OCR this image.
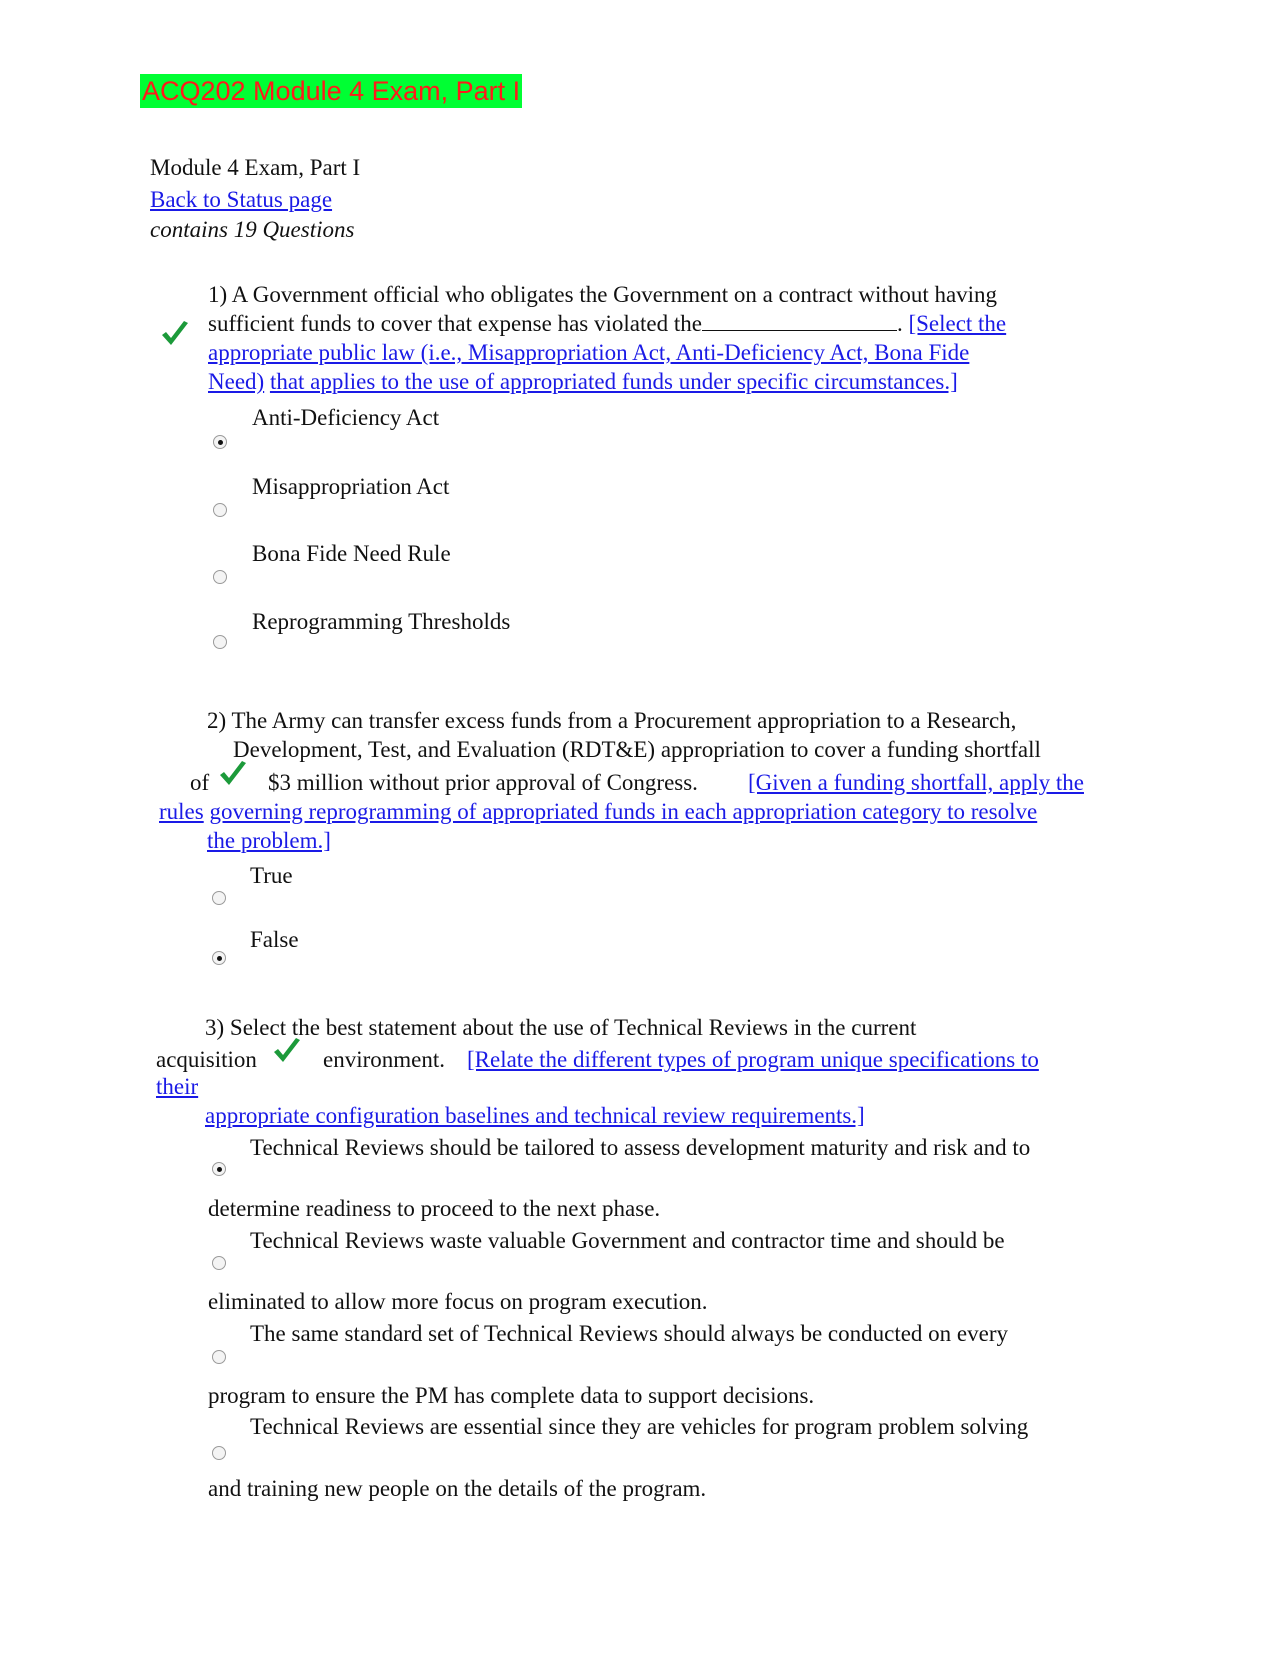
ACQ202 Module 4 Exam, Part I
Module 4 Exam, Part I
Back to Status page
contains 19 Questions
1) A Government official who obligates the Government on a contract without having
sufficient funds to cover that expense has violated the	. [Select the
appropriate public law (i.e., Misappropriation Act, Anti-Deficiency Act, Bona Fide
Need) that applies to the use of appropriated funds under specific circumstances.]
Anti-Deficiency Act
Misappropriation Act
Bona Fide Need Rule
Reprogramming Thresholds
2) The Army can transfer excess funds from a Procurement appropriation to a Research,
Development, Test, and Evaluation (RDT&E) appropriation to cover a funding shortfall
of	$3 million without prior approval of Congress. [Given a funding shortfall, apply the
rules governing reprogramming of appropriated funds in each appropriation category to resolve
the problem.]
True
False
3) Select the best statement about the use of Technical Reviews in the current
acquisition	environment. [Relate the different types of program unique specifications to
their
appropriate configuration baselines and technical review requirements.]
Technical Reviews should be tailored to assess development maturity and risk and to
determine readiness to proceed to the next phase.
Technical Reviews waste valuable Government and contractor time and should be
eliminated to allow more focus on program execution.
The same standard set of Technical Reviews should always be conducted on every
program to ensure the PM has complete data to support decisions.
Technical Reviews are essential since they are vehicles for program problem solving
and training new people on the details of the program.
